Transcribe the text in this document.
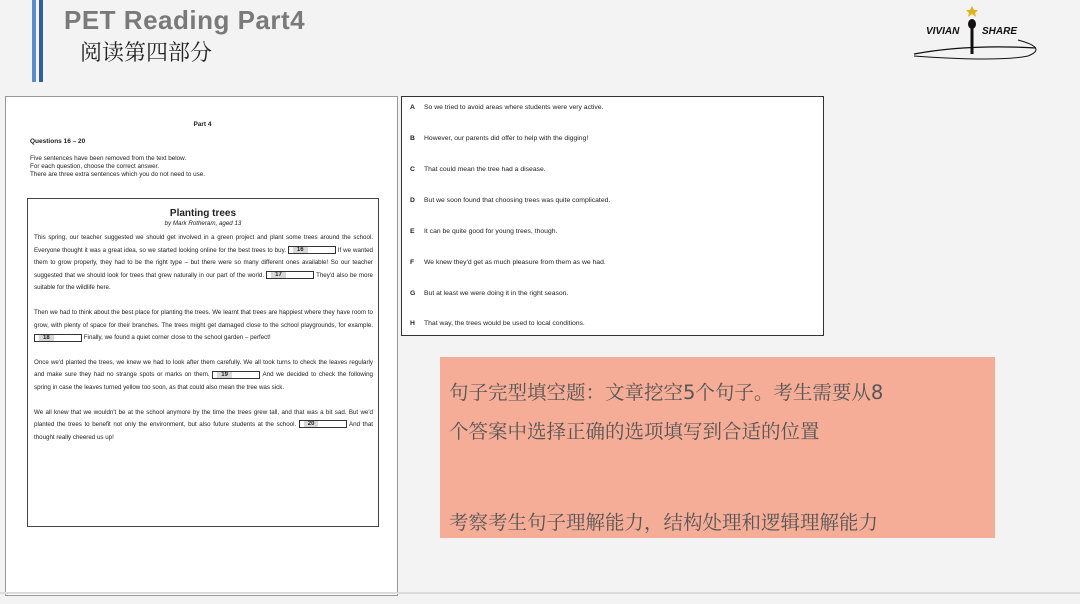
PET Reading Part4
阅读第四部分
VIVIAN SHARE
Part 4
Questions 16 – 20
Five sentences have been removed from the text below.
For each question, choose the correct answer.
There are three extra sentences which you do not need to use.
Planting trees
by Mark Rotheram, aged 13

This spring, our teacher suggested we should get involved in a green project and plant some trees around the school. Everyone thought it was a great idea, so we started looking online for the best trees to buy. 16	If we wanted them to grow properly, they had to be the right type – but there were so many different ones available! So our teacher suggested that we should look for trees that grew naturally in our part of the world. 17	They'd also be more suitable for the wildlife here.

Then we had to think about the best place for planting the trees. We learnt that trees are happiest where they have room to grow, with plenty of space for their branches. The trees might get damaged close to the school playgrounds, for example. 18	Finally, we found a quiet corner close to the school garden – perfect!

Once we'd planted the trees, we knew we had to look after them carefully. We all took turns to check the leaves regularly and make sure they had no strange spots or marks on them. 19	And we decided to check the following spring in case the leaves turned yellow too soon, as that could also mean the tree was sick.

We all knew that we wouldn't be at the school anymore by the time the trees grew tall, and that was a bit sad. But we'd planted the trees to benefit not only the environment, but also future students at the school. 20	And that thought really cheered us up!

A So we tried to avoid areas where students were very active.
B However, our parents did offer to help with the digging!
C That could mean the tree had a disease.
D But we soon found that choosing trees was quite complicated.
E It can be quite good for young trees, though.
F We knew they'd get as much pleasure from them as we had.
G But at least we were doing it in the right season.
H That way, the trees would be used to local conditions.
句子完型填空题：文章挖空5个句子。考生需要从8
个答案中选择正确的选项填写到合适的位置
考察考生句子理解能力，结构处理和逻辑理解能力
